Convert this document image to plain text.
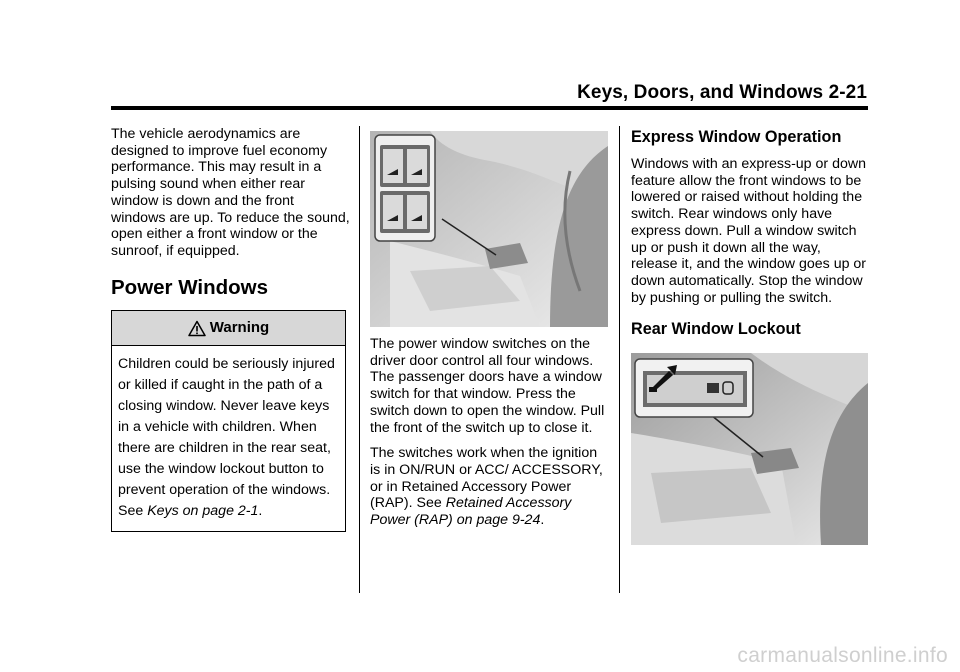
Keys, Doors, and Windows 2-21

The vehicle aerodynamics are designed to improve fuel economy performance. This may result in a pulsing sound when either rear window is down and the front windows are up. To reduce the sound, open either a front window or the sunroof, if equipped.

Power Windows
Warning
Children could be seriously injured or killed if caught in the path of a closing window. Never leave keys in a vehicle with children. When there are children in the rear seat, use the window lockout button to prevent operation of the windows. See Keys on page 2-1.

The power window switches on the driver door control all four windows. The passenger doors have a window switch for that window. Press the switch down to open the window. Pull the front of the switch up to close it.

The switches work when the ignition is in ON/RUN or ACC/ ACCESSORY, or in Retained Accessory Power (RAP). See Retained Accessory Power (RAP) on page 9-24.

Express Window Operation

Windows with an express-up or down feature allow the front windows to be lowered or raised without holding the switch. Rear windows only have express down. Pull a window switch up or push it down all the way, release it, and the window goes up or down automatically. Stop the window by pushing or pulling the switch.

Rear Window Lockout
carmanualsonline.info
